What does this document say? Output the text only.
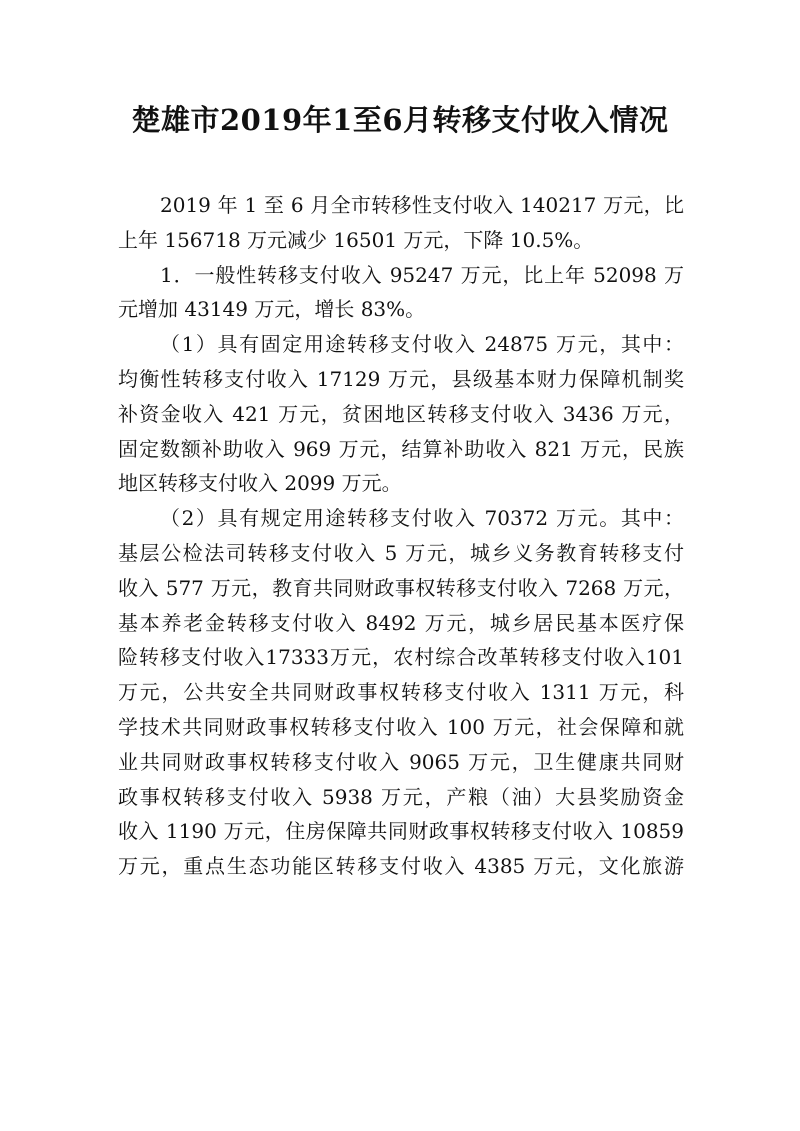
楚雄市2019年1至6月转移支付收入情况
2019 年 1 至 6 月全市转移性支付收入 140217 万元，比
上年 156718 万元减少 16501 万元，下降 10.5%。
1．一般性转移支付收入 95247 万元，比上年 52098 万
元增加 43149 万元，增长 83%。
（1）具有固定用途转移支付收入 24875 万元，其中：
均衡性转移支付收入 17129 万元，县级基本财力保障机制奖
补资金收入 421 万元，贫困地区转移支付收入 3436 万元，
固定数额补助收入 969 万元，结算补助收入 821 万元，民族
地区转移支付收入 2099 万元。
（2）具有规定用途转移支付收入 70372 万元。其中：
基层公检法司转移支付收入 5 万元，城乡义务教育转移支付
收入 577 万元，教育共同财政事权转移支付收入 7268 万元，
基本养老金转移支付收入 8492 万元，城乡居民基本医疗保
险转移支付收入17333万元，农村综合改革转移支付收入101
万元，公共安全共同财政事权转移支付收入 1311 万元，科
学技术共同财政事权转移支付收入 100 万元，社会保障和就
业共同财政事权转移支付收入 9065 万元，卫生健康共同财
政事权转移支付收入 5938 万元，产粮（油）大县奖励资金
收入 1190 万元，住房保障共同财政事权转移支付收入 10859
万元，重点生态功能区转移支付收入 4385 万元，文化旅游
